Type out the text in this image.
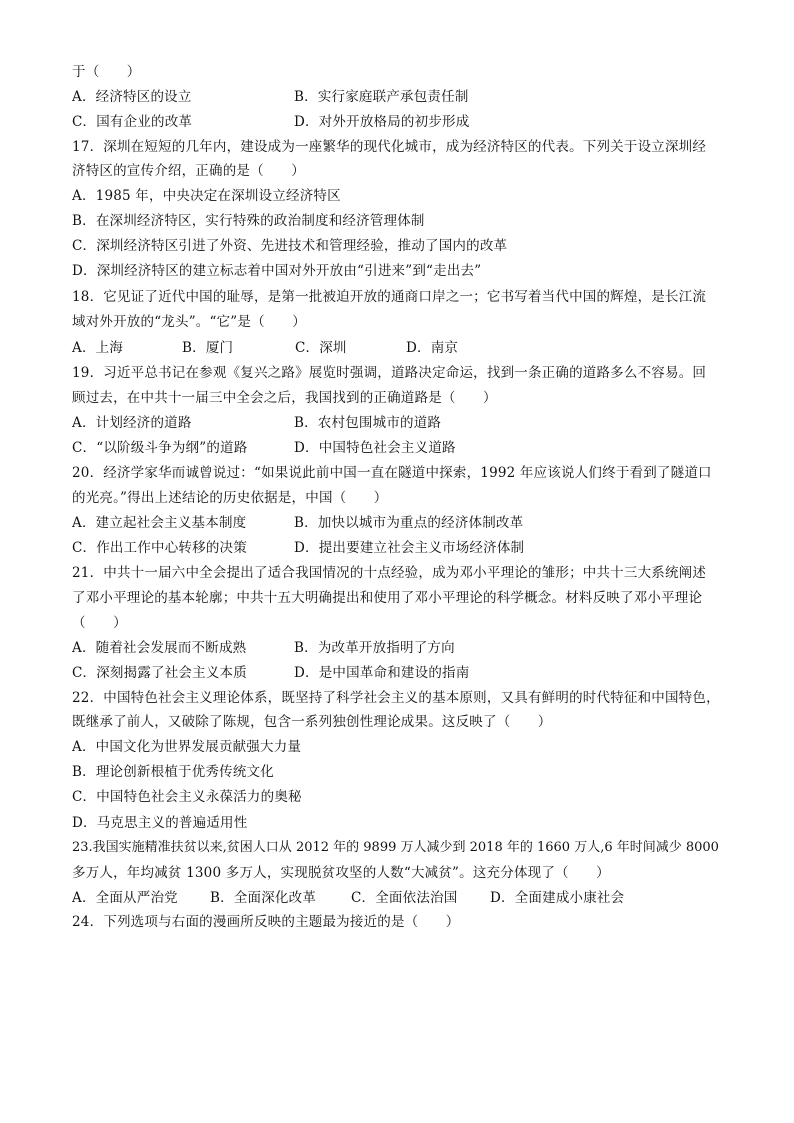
于（　　）
A．经济特区的设立	B．实行家庭联产承包责任制
C．国有企业的改革	D．对外开放格局的初步形成
17．深圳在短短的几年内，建设成为一座繁华的现代化城市，成为经济特区的代表。下列关于设立深圳经
济特区的宣传介绍，正确的是（　　）
A．1985 年，中央决定在深圳设立经济特区
B．在深圳经济特区，实行特殊的政治制度和经济管理体制
C．深圳经济特区引进了外资、先进技术和管理经验，推动了国内的改革
D．深圳经济特区的建立标志着中国对外开放由“引进来”到“走出去”
18．它见证了近代中国的耻辱，是第一批被迫开放的通商口岸之一；它书写着当代中国的辉煌，是长江流
域对外开放的“龙头”。“它”是（　　）
A．上海	B．厦门	C．深圳	D．南京
19．习近平总书记在参观《复兴之路》展览时强调，道路决定命运，找到一条正确的道路多么不容易。回
顾过去，在中共十一届三中全会之后，我国找到的正确道路是（　　）
A．计划经济的道路	B．农村包围城市的道路
C．“以阶级斗争为纲”的道路	D．中国特色社会主义道路
20．经济学家华而诚曾说过：“如果说此前中国一直在隧道中探索，1992 年应该说人们终于看到了隧道口
的光亮。”得出上述结论的历史依据是，中国（　　）
A．建立起社会主义基本制度	B．加快以城市为重点的经济体制改革
C．作出工作中心转移的决策	D．提出要建立社会主义市场经济体制
21．中共十一届六中全会提出了适合我国情况的十点经验，成为邓小平理论的雏形；中共十三大系统阐述
了邓小平理论的基本轮廓；中共十五大明确提出和使用了邓小平理论的科学概念。材料反映了邓小平理论
（　　）
A．随着社会发展而不断成熟	B．为改革开放指明了方向
C．深刻揭露了社会主义本质	D．是中国革命和建设的指南
22．中国特色社会主义理论体系，既坚持了科学社会主义的基本原则，又具有鲜明的时代特征和中国特色，
既继承了前人，又破除了陈规，包含一系列独创性理论成果。这反映了（　　）
A．中国文化为世界发展贡献强大力量
B．理论创新根植于优秀传统文化
C．中国特色社会主义永葆活力的奥秘
D．马克思主义的普遍适用性
23.我国实施精准扶贫以来,贫困人口从 2012 年的 9899 万人减少到 2018 年的 1660 万人,6 年时间减少 8000
多万人，年均减贫 1300 多万人，实现脱贫攻坚的人数“大减贫”。这充分体现了（　　）
A．全面从严治党 B．全面深化改革	C．全面依法治国 D．全面建成小康社会
24．下列选项与右面的漫画所反映的主题最为接近的是（　　）
